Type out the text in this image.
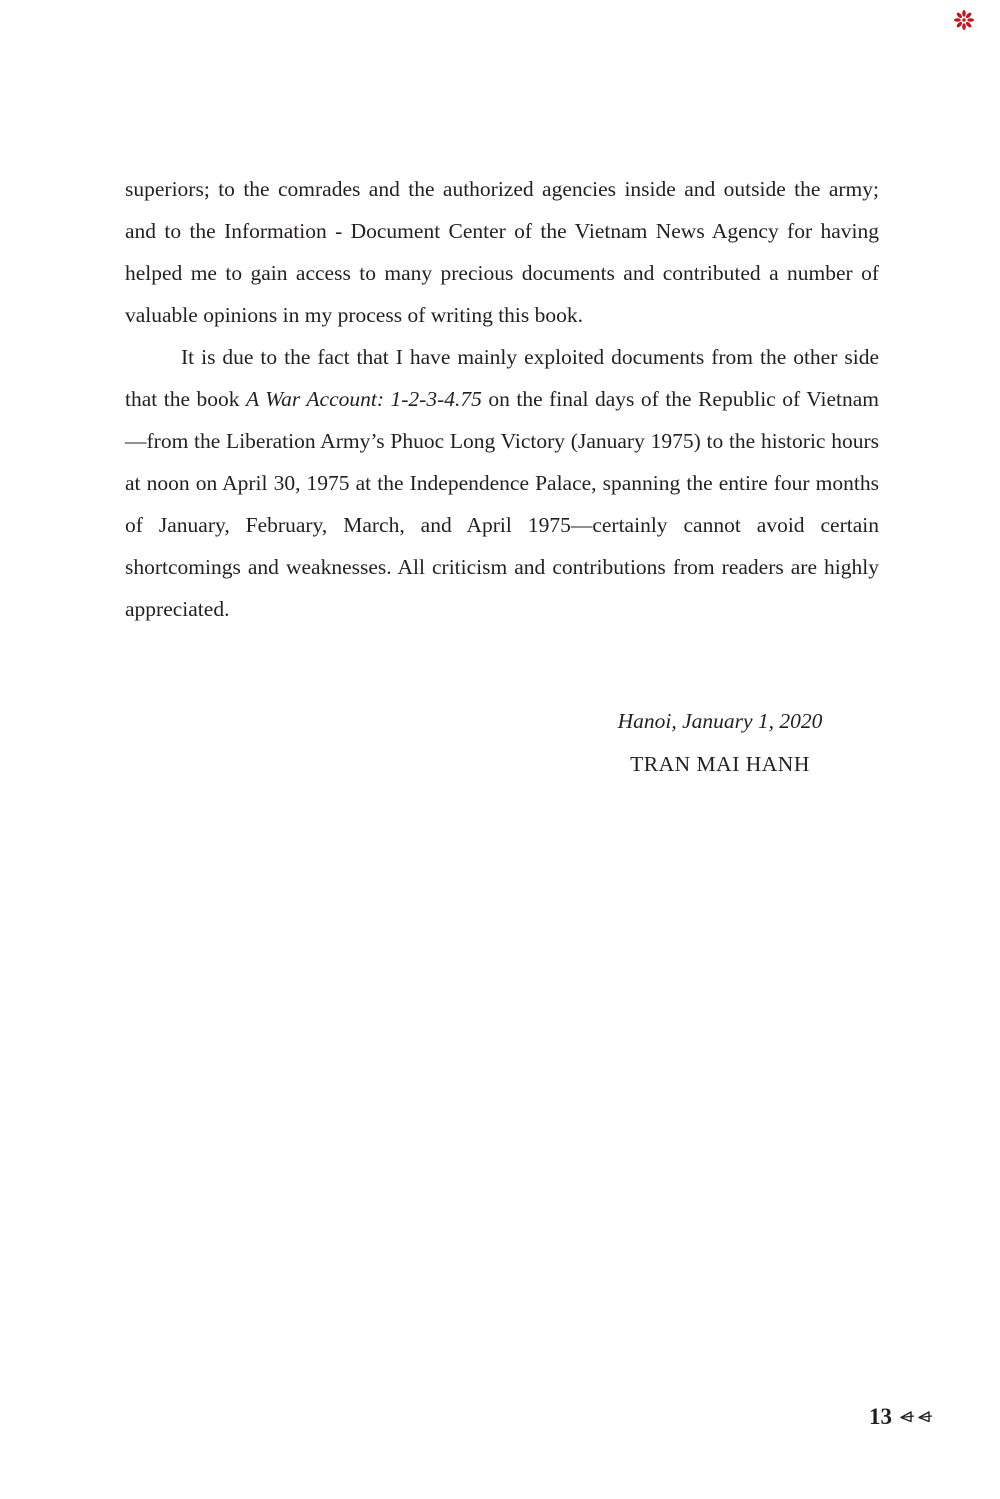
superiors; to the comrades and the authorized agencies inside and outside the army; and to the Information - Document Center of the Vietnam News Agency for having helped me to gain access to many precious documents and contributed a number of valuable opinions in my process of writing this book.

It is due to the fact that I have mainly exploited documents from the other side that the book A War Account: 1-2-3-4.75 on the final days of the Republic of Vietnam—from the Liberation Army’s Phuoc Long Victory (January 1975) to the historic hours at noon on April 30, 1975 at the Independence Palace, spanning the entire four months of January, February, March, and April 1975—certainly cannot avoid certain shortcomings and weaknesses. All criticism and contributions from readers are highly appreciated.

Hanoi, January 1, 2020
TRAN MAI HANH
13
